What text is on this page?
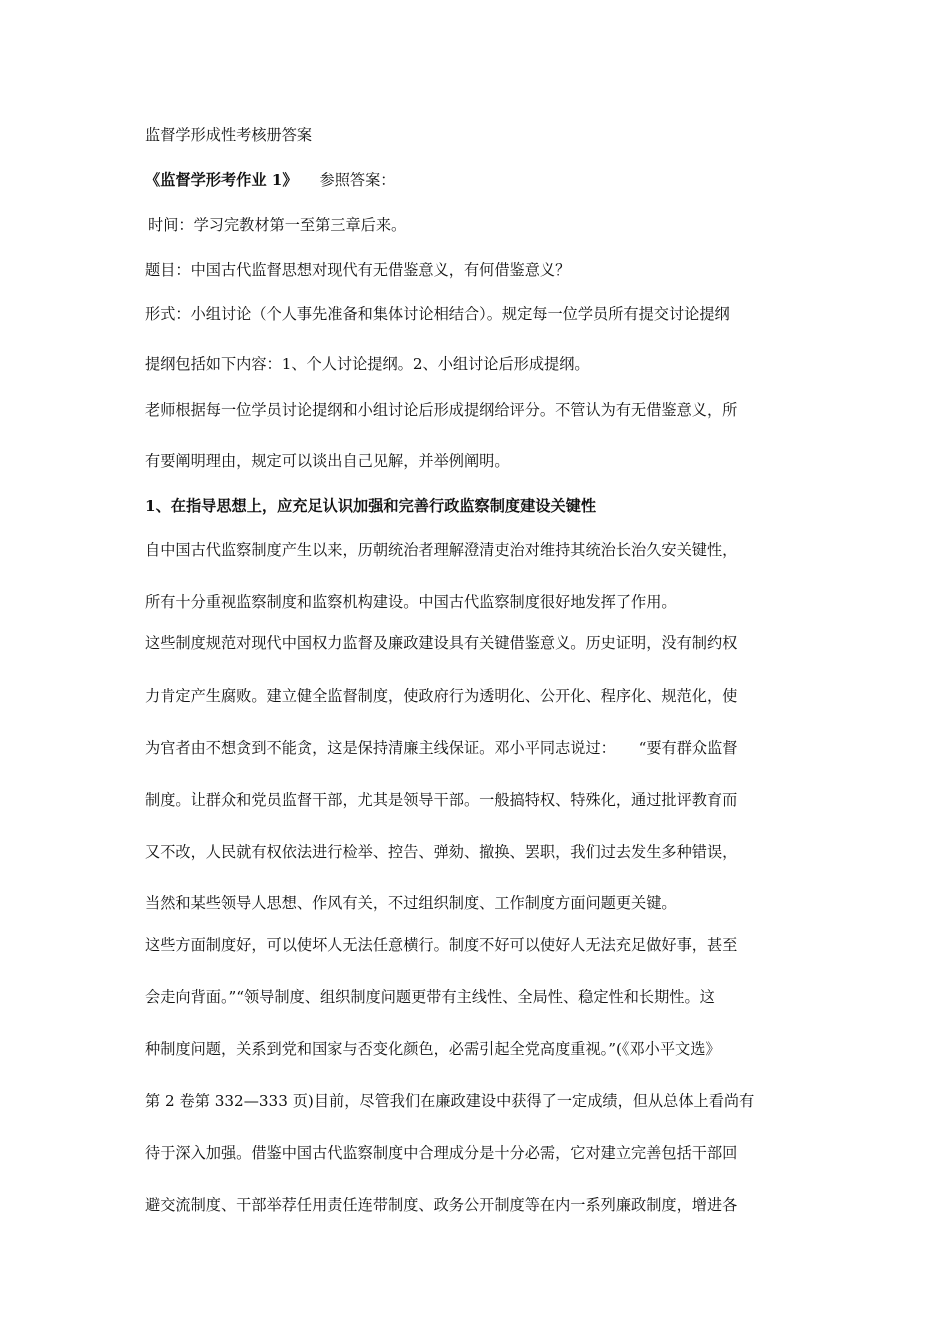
监督学形成性考核册答案

《监督学形考作业 1》 参照答案：

时间：学习完教材第一至第三章后来。

题目：中国古代监督思想对现代有无借鉴意义，有何借鉴意义？

形式：小组讨论（个人事先准备和集体讨论相结合）。规定每一位学员所有提交讨论提纲

提纲包括如下内容：1、个人讨论提纲。2、小组讨论后形成提纲。

老师根据每一位学员讨论提纲和小组讨论后形成提纲给评分。不管认为有无借鉴意义，所

有要阐明理由，规定可以谈出自己见解，并举例阐明。

1、在指导思想上，应充足认识加强和完善行政监察制度建设关键性

自中国古代监察制度产生以来，历朝统治者理解澄清吏治对维持其统治长治久安关键性，

所有十分重视监察制度和监察机构建设。中国古代监察制度很好地发挥了作用。

这些制度规范对现代中国权力监督及廉政建设具有关键借鉴意义。历史证明，没有制约权

力肯定产生腐败。建立健全监督制度，使政府行为透明化、公开化、程序化、规范化，使

为官者由不想贪到不能贪，这是保持清廉主线保证。邓小平同志说过：　　“要有群众监督

制度。让群众和党员监督干部，尤其是领导干部。一般搞特权、特殊化，通过批评教育而

又不改，人民就有权依法进行检举、控告、弹劾、撤换、罢职，我们过去发生多种错误，

当然和某些领导人思想、作风有关，不过组织制度、工作制度方面问题更关键。

这些方面制度好，可以使坏人无法任意横行。制度不好可以使好人无法充足做好事，甚至

会走向背面。”“领导制度、组织制度问题更带有主线性、全局性、稳定性和长期性。这

种制度问题，关系到党和国家与否变化颜色，必需引起全党高度重视。”(《邓小平文选》

第 2 卷第 332—333 页)目前，尽管我们在廉政建设中获得了一定成绩，但从总体上看尚有

待于深入加强。借鉴中国古代监察制度中合理成分是十分必需，它对建立完善包括干部回

避交流制度、干部举荐任用责任连带制度、政务公开制度等在内一系列廉政制度，增进各
